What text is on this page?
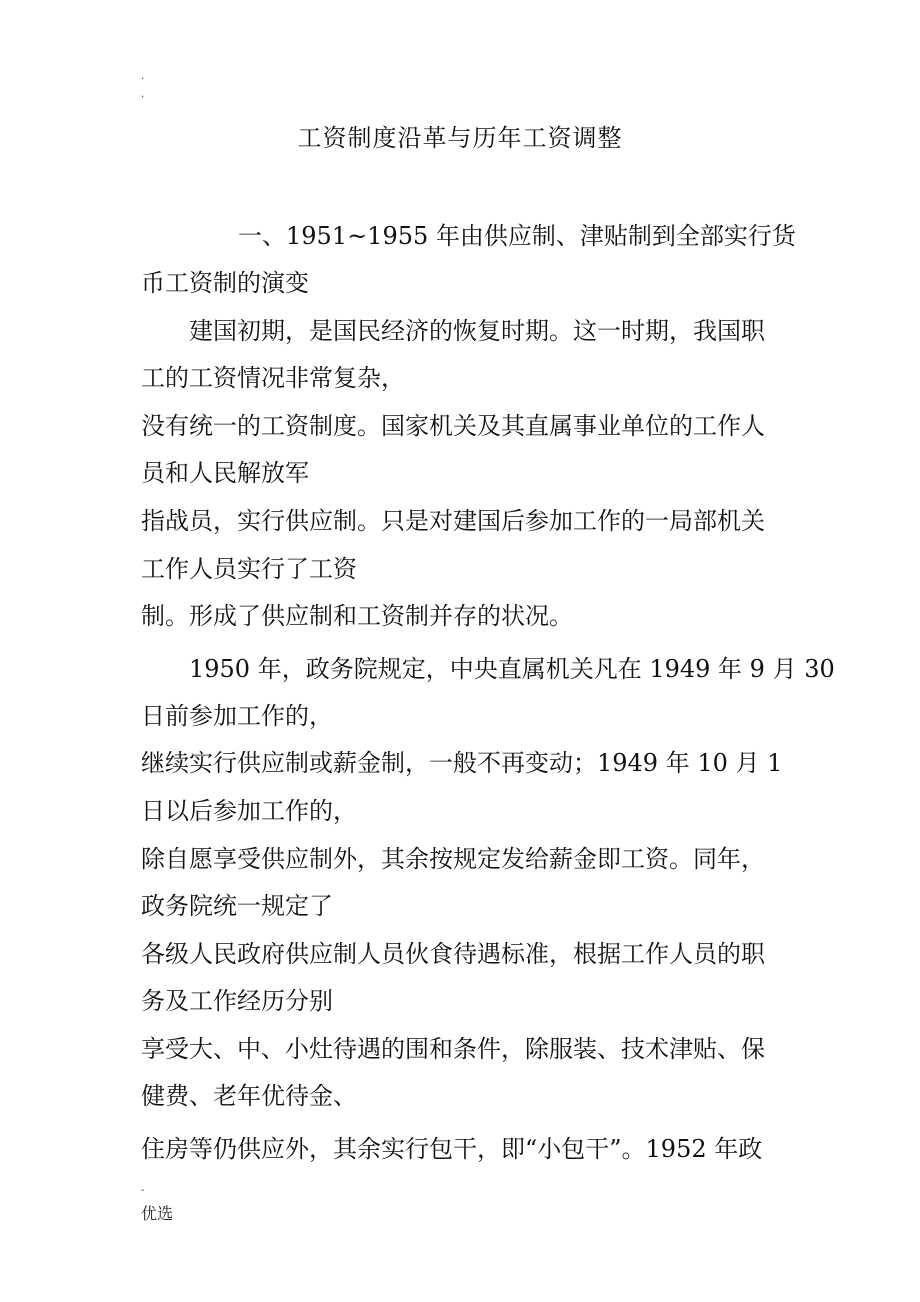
.
.
工资制度沿革与历年工资调整
一、1951~1955 年由供应制、津贴制到全部实行货
币工资制的演变
建国初期，是国民经济的恢复时期。这一时期，我国职
工的工资情况非常复杂，
没有统一的工资制度。国家机关及其直属事业单位的工作人
员和人民解放军
指战员，实行供应制。只是对建国后参加工作的一局部机关
工作人员实行了工资
制。形成了供应制和工资制并存的状况。
1950 年，政务院规定，中央直属机关凡在 1949 年 9 月 30
日前参加工作的，
继续实行供应制或薪金制，一般不再变动；1949 年 10 月 1
日以后参加工作的，
除自愿享受供应制外，其余按规定发给薪金即工资。同年，
政务院统一规定了
各级人民政府供应制人员伙食待遇标准，根据工作人员的职
务及工作经历分别
享受大、中、小灶待遇的围和条件，除服装、技术津贴、保
健费、老年优待金、
住房等仍供应外，其余实行包干，即“小包干”。1952 年政
-
优选
